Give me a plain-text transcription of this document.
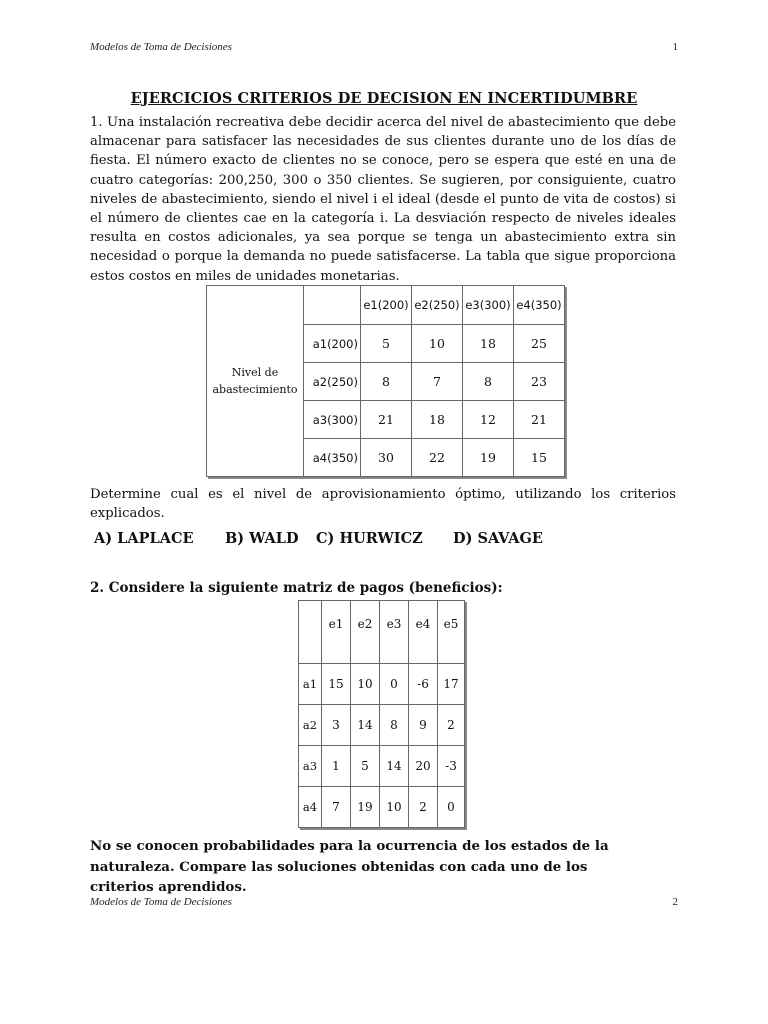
Modelos de Toma de Decisiones	1
EJERCICIOS CRITERIOS DE DECISION EN INCERTIDUMBRE
1. Una instalación recreativa debe decidir acerca del nivel de abastecimiento que debe almacenar para satisfacer las necesidades de sus clientes durante uno de los días de fiesta. El número exacto de clientes no se conoce, pero se espera que esté en una de cuatro categorías: 200,250, 300 o 350 clientes. Se sugieren, por consiguiente, cuatro niveles de abastecimiento, siendo el nivel i el ideal (desde el punto de vita de costos) si el número de clientes cae en la categoría i. La desviación respecto de niveles ideales resulta en costos adicionales, ya sea porque se tenga un abastecimiento extra sin necesidad o porque la demanda no puede satisfacerse. La tabla que sigue proporciona estos costos en miles de unidades monetarias.
Nivel de
abastecimiento		e1(200)	e2(250)	e3(300)	e4(350)
	a1(200)	5	10	18	25
	a2(250)	8	7	8	23
	a3(300)	21	18	12	21
	a4(350)	30	22	19	15
Determine cual es el nivel de aprovisionamiento óptimo, utilizando los criterios explicados.
A) LAPLACE B) WALD C) HURWICZ D) SAVAGE
2. Considere la siguiente matriz de pagos (beneficios):
	e1	e2	e3	e4	e5
a1	15	10	0	-6	17
a2	3	14	8	9	2
a3	1	5	14	20	-3
a4	7	19	10	2	0
No se conocen probabilidades para la ocurrencia de los estados de la naturaleza. Compare las soluciones obtenidas con cada uno de los criterios aprendidos.
Modelos de Toma de Decisiones	2
